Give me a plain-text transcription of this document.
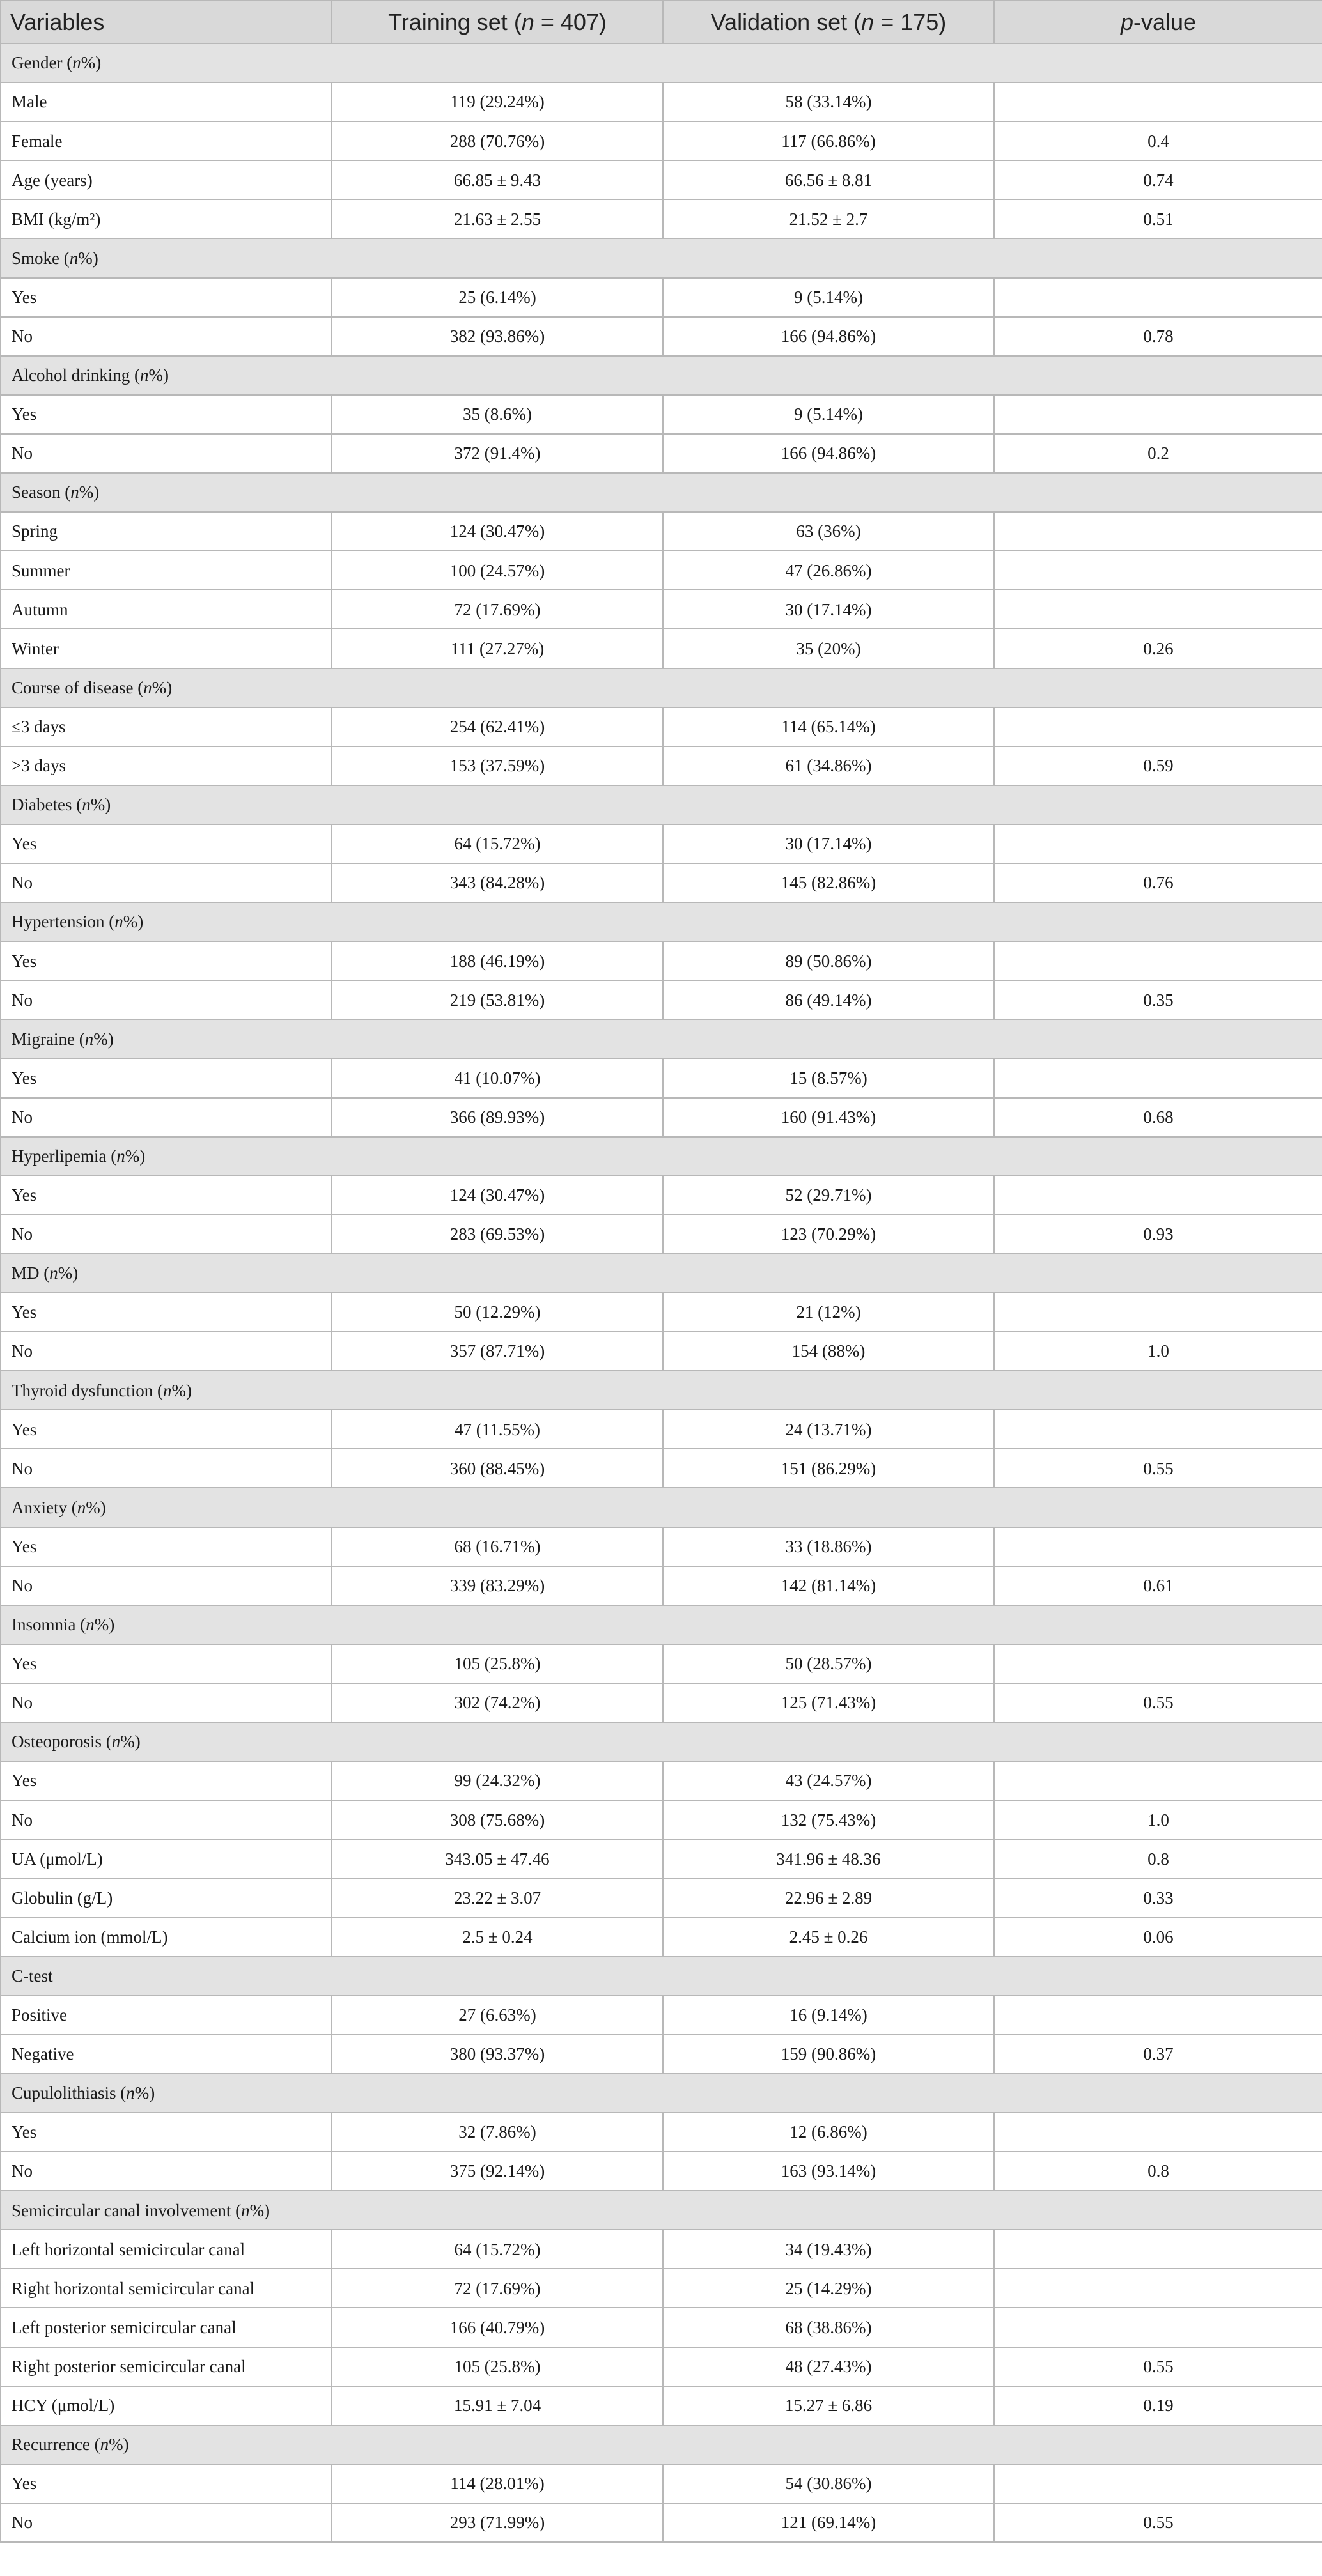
Variables	Training set (n = 407)	Validation set (n = 175)	p-value
Gender (n%)			
Male	119 (29.24%)	58 (33.14%)	
Female	288 (70.76%)	117 (66.86%)	0.4
Age (years)	66.85 ± 9.43	66.56 ± 8.81	0.74
BMI (kg/m²)	21.63 ± 2.55	21.52 ± 2.7	0.51
Smoke (n%)			
Yes	25 (6.14%)	9 (5.14%)	
No	382 (93.86%)	166 (94.86%)	0.78
Alcohol drinking (n%)			
Yes	35 (8.6%)	9 (5.14%)	
No	372 (91.4%)	166 (94.86%)	0.2
Season (n%)			
Spring	124 (30.47%)	63 (36%)	
Summer	100 (24.57%)	47 (26.86%)	
Autumn	72 (17.69%)	30 (17.14%)	
Winter	111 (27.27%)	35 (20%)	0.26
Course of disease (n%)			
≤3 days	254 (62.41%)	114 (65.14%)	
>3 days	153 (37.59%)	61 (34.86%)	0.59
Diabetes (n%)			
Yes	64 (15.72%)	30 (17.14%)	
No	343 (84.28%)	145 (82.86%)	0.76
Hypertension (n%)			
Yes	188 (46.19%)	89 (50.86%)	
No	219 (53.81%)	86 (49.14%)	0.35
Migraine (n%)			
Yes	41 (10.07%)	15 (8.57%)	
No	366 (89.93%)	160 (91.43%)	0.68
Hyperlipemia (n%)			
Yes	124 (30.47%)	52 (29.71%)	
No	283 (69.53%)	123 (70.29%)	0.93
MD (n%)			
Yes	50 (12.29%)	21 (12%)	
No	357 (87.71%)	154 (88%)	1.0
Thyroid dysfunction (n%)			
Yes	47 (11.55%)	24 (13.71%)	
No	360 (88.45%)	151 (86.29%)	0.55
Anxiety (n%)			
Yes	68 (16.71%)	33 (18.86%)	
No	339 (83.29%)	142 (81.14%)	0.61
Insomnia (n%)			
Yes	105 (25.8%)	50 (28.57%)	
No	302 (74.2%)	125 (71.43%)	0.55
Osteoporosis (n%)			
Yes	99 (24.32%)	43 (24.57%)	
No	308 (75.68%)	132 (75.43%)	1.0
UA (μmol/L)	343.05 ± 47.46	341.96 ± 48.36	0.8
Globulin (g/L)	23.22 ± 3.07	22.96 ± 2.89	0.33
Calcium ion (mmol/L)	2.5 ± 0.24	2.45 ± 0.26	0.06
C-test			
Positive	27 (6.63%)	16 (9.14%)	
Negative	380 (93.37%)	159 (90.86%)	0.37
Cupulolithiasis (n%)			
Yes	32 (7.86%)	12 (6.86%)	
No	375 (92.14%)	163 (93.14%)	0.8
Semicircular canal involvement (n%)			
Left horizontal semicircular canal	64 (15.72%)	34 (19.43%)	
Right horizontal semicircular canal	72 (17.69%)	25 (14.29%)	
Left posterior semicircular canal	166 (40.79%)	68 (38.86%)	
Right posterior semicircular canal	105 (25.8%)	48 (27.43%)	0.55
HCY (μmol/L)	15.91 ± 7.04	15.27 ± 6.86	0.19
Recurrence (n%)			
Yes	114 (28.01%)	54 (30.86%)	
No	293 (71.99%)	121 (69.14%)	0.55
